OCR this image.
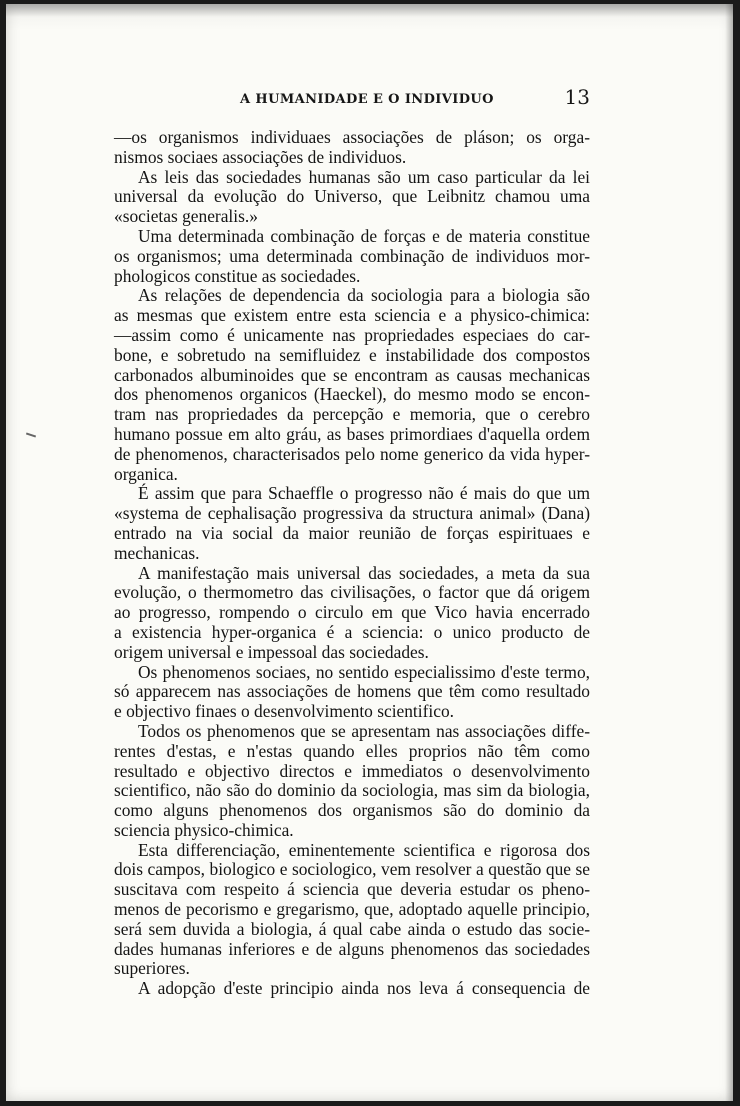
A HUMANIDADE E O INDIVIDUO	13
—os organismos individuaes associações de pláson; os orga-
nismos sociaes associações de individuos.
As leis das sociedades humanas são um caso particular da lei
universal da evolução do Universo, que Leibnitz chamou uma
«societas generalis.»
Uma determinada combinação de forças e de materia constitue
os organismos; uma determinada combinação de individuos mor-
phologicos constitue as sociedades.
As relações de dependencia da sociologia para a biologia são
as mesmas que existem entre esta sciencia e a physico-chimica:
—assim como é unicamente nas propriedades especiaes do car-
bone, e sobretudo na semifluidez e instabilidade dos compostos
carbonados albuminoides que se encontram as causas mechanicas
dos phenomenos organicos (Haeckel), do mesmo modo se encon-
tram nas propriedades da percepção e memoria, que o cerebro
humano possue em alto gráu, as bases primordiaes d'aquella ordem
de phenomenos, characterisados pelo nome generico da vida hyper-
organica.
É assim que para Schaeffle o progresso não é mais do que um
«systema de cephalisação progressiva da structura animal» (Dana)
entrado na via social da maior reunião de forças espirituaes e
mechanicas.
A manifestação mais universal das sociedades, a meta da sua
evolução, o thermometro das civilisações, o factor que dá origem
ao progresso, rompendo o circulo em que Vico havia encerrado
a existencia hyper-organica é a sciencia: o unico producto de
origem universal e impessoal das sociedades.
Os phenomenos sociaes, no sentido especialissimo d'este termo,
só apparecem nas associações de homens que têm como resultado
e objectivo finaes o desenvolvimento scientifico.
Todos os phenomenos que se apresentam nas associações diffe-
rentes d'estas, e n'estas quando elles proprios não têm como
resultado e objectivo directos e immediatos o desenvolvimento
scientifico, não são do dominio da sociologia, mas sim da biologia,
como alguns phenomenos dos organismos são do dominio da
sciencia physico-chimica.
Esta differenciação, eminentemente scientifica e rigorosa dos
dois campos, biologico e sociologico, vem resolver a questão que se
suscitava com respeito á sciencia que deveria estudar os pheno-
menos de pecorismo e gregarismo, que, adoptado aquelle principio,
será sem duvida a biologia, á qual cabe ainda o estudo das socie-
dades humanas inferiores e de alguns phenomenos das sociedades
superiores.
A adopção d'este principio ainda nos leva á consequencia de
